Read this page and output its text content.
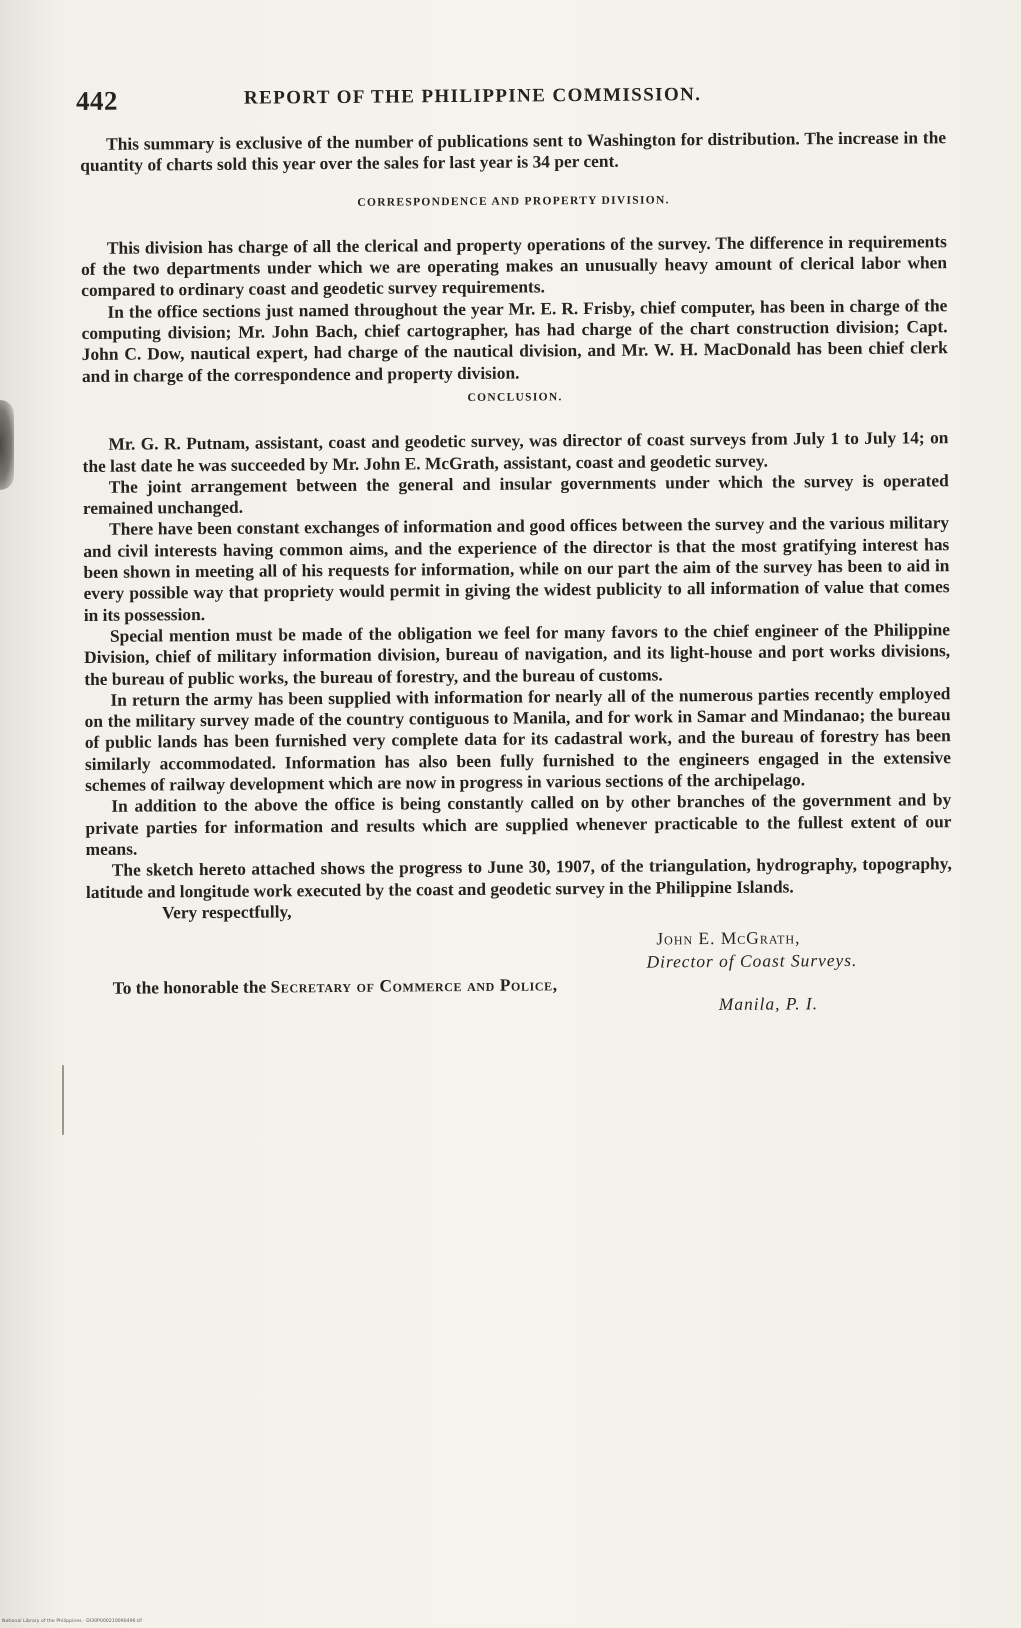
442	REPORT OF THE PHILIPPINE COMMISSION.

This summary is exclusive of the number of publications sent to Washington for distribution. The increase in the quantity of charts sold this year over the sales for last year is 34 per cent.

CORRESPONDENCE AND PROPERTY DIVISION.

This division has charge of all the clerical and property operations of the survey. The difference in requirements of the two departments under which we are operating makes an unusually heavy amount of clerical labor when compared to ordinary coast and geodetic survey requirements.

In the office sections just named throughout the year Mr. E. R. Frisby, chief computer, has been in charge of the computing division; Mr. John Bach, chief cartographer, has had charge of the chart construction division; Capt. John C. Dow, nautical expert, had charge of the nautical division, and Mr. W. H. MacDonald has been chief clerk and in charge of the correspondence and property division.

CONCLUSION.

Mr. G. R. Putnam, assistant, coast and geodetic survey, was director of coast surveys from July 1 to July 14; on the last date he was succeeded by Mr. John E. McGrath, assistant, coast and geodetic survey.

The joint arrangement between the general and insular governments under which the survey is operated remained unchanged.

There have been constant exchanges of information and good offices between the survey and the various military and civil interests having common aims, and the experience of the director is that the most gratifying interest has been shown in meeting all of his requests for information, while on our part the aim of the survey has been to aid in every possible way that propriety would permit in giving the widest publicity to all information of value that comes in its possession.

Special mention must be made of the obligation we feel for many favors to the chief engineer of the Philippine Division, chief of military information division, bureau of navigation, and its light-house and port works divisions, the bureau of public works, the bureau of forestry, and the bureau of customs.

In return the army has been supplied with information for nearly all of the numerous parties recently employed on the military survey made of the country contiguous to Manila, and for work in Samar and Mindanao; the bureau of public lands has been furnished very complete data for its cadastral work, and the bureau of forestry has been similarly accommodated. Information has also been fully furnished to the engineers engaged in the extensive schemes of railway development which are now in progress in various sections of the archipelago.

In addition to the above the office is being constantly called on by other branches of the government and by private parties for information and results which are supplied whenever practicable to the fullest extent of our means.

The sketch hereto attached shows the progress to June 30, 1907, of the triangulation, hydrography, topography, latitude and longitude work executed by the coast and geodetic survey in the Philippine Islands.

Very respectfully,

John E. McGrath,
Director of Coast Surveys.

To the honorable the Secretary of Commerce and Police,

Manila, P. I.
National Library of the Philippines · DI30P000210090496.tif
